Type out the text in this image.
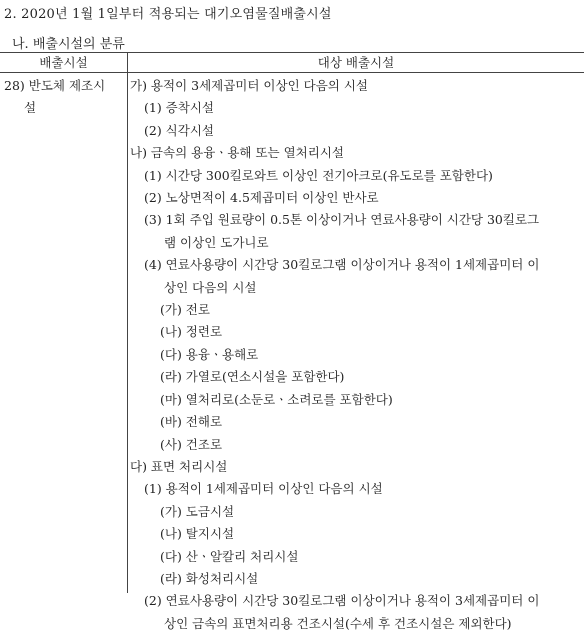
2. 2020년 1월 1일부터 적용되는 대기오염물질배출시설
나. 배출시설의 분류
배출시설	대상 배출시설
28) 반도체 제조시
설
가) 용적이 3세제곱미터 이상인 다음의 시설
(1) 증착시설
(2) 식각시설
나) 금속의 용융ㆍ용해 또는 열처리시설
(1) 시간당 300킬로와트 이상인 전기아크로(유도로를 포함한다)
(2) 노상면적이 4.5제곱미터 이상인 반사로
(3) 1회 주입 원료량이 0.5톤 이상이거나 연료사용량이 시간당 30킬로그
램 이상인 도가니로
(4) 연료사용량이 시간당 30킬로그램 이상이거나 용적이 1세제곱미터 이
상인 다음의 시설
(가) 전로
(나) 정련로
(다) 용융ㆍ용해로
(라) 가열로(연소시설을 포함한다)
(마) 열처리로(소둔로ㆍ소려로를 포함한다)
(바) 전해로
(사) 건조로
다) 표면 처리시설
(1) 용적이 1세제곱미터 이상인 다음의 시설
(가) 도금시설
(나) 탈지시설
(다) 산ㆍ알칼리 처리시설
(라) 화성처리시설
(2) 연료사용량이 시간당 30킬로그램 이상이거나 용적이 3세제곱미터 이
상인 금속의 표면처리용 건조시설(수세 후 건조시설은 제외한다)
